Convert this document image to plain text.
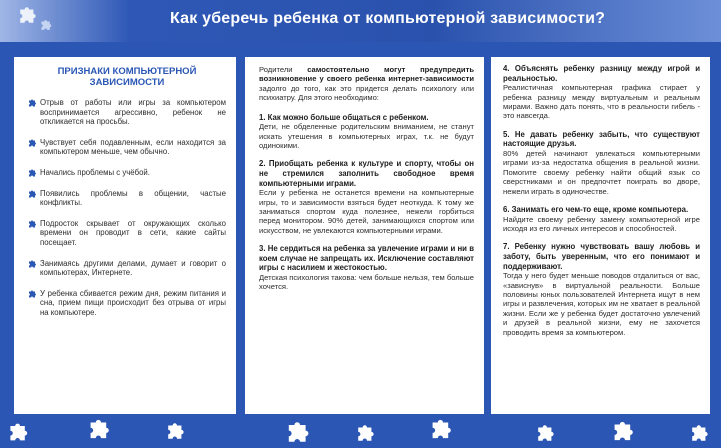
Как уберечь ребенка от компьютерной зависимости?
ПРИЗНАКИ КОМПЬЮТЕРНОЙ ЗАВИСИМОСТИ
Отрыв от работы или игры за компьютером воспринимается агрессивно, ребенок не откликается на просьбы.
Чувствует себя подавленным, если находится за компьютером меньше, чем обычно.
Начались проблемы с учёбой.
Появились проблемы в общении, частые конфликты.
Подросток скрывает от окружающих сколько времени он проводит в сети, какие сайты посещает.
Занимаясь другими делами, думает и говорит о компьютерах, Интернете.
У ребенка сбивается режим дня, режим питания и сна, прием пищи происходит без отрыва от игры на компьютере.

Родители самостоятельно могут предупредить возникновение у своего ребенка интернет-зависимости задолго до того, как это придется делать психологу или психиатру. Для этого необходимо:

1. Как можно больше общаться с ребенком.

Дети, не обделенные родительским вниманием, не станут искать утешения в компьютерных играх, т.к. не будут одинокими.

2. Приобщать ребенка к культуре и спорту, чтобы он не стремился заполнить свободное время компьютерными играми.

Если у ребенка не останется времени на компьютерные игры, то и зависимости взяться будет неоткуда. К тому же заниматься спортом куда полезнее, нежели горбиться перед монитором. 90% детей, занимающихся спортом или искусством, не увлекаются компьютерными играми.

3. Не сердиться на ребенка за увлечение играми и ни в коем случае не запрещать их. Исключение составляют игры с насилием и жестокостью.

Детская психология такова: чем больше нельзя, тем больше хочется.

4. Объяснять ребенку разницу между игрой и реальностью.

Реалистичная компьютерная графика стирает у ребенка разницу между виртуальным и реальным мирами. Важно дать понять, что в реальности гибель - это навсегда.

5. Не давать ребенку забыть, что существуют настоящие друзья.

80% детей начинают увлекаться компьютерными играми из-за недостатка общения в реальной жизни. Помогите своему ребенку найти общий язык со сверстниками и он предпочтет поиграть во дворе, нежели играть в одиночестве.

6. Занимать его чем-то еще, кроме компьютера.

Найдите своему ребенку замену компьютерной игре исходя из его личных интересов и способностей.

7. Ребенку нужно чувствовать вашу любовь и заботу, быть уверенным, что его понимают и поддерживают.

Тогда у него будет меньше поводов отдалиться от вас, «зависнув» в виртуальной реальности. Больше половины юных пользователей Интернета ищут в нем игры и развлечения, которых им не хватает в реальной жизни. Если же у ребенка будет достаточно увлечений и друзей в реальной жизни, ему не захочется проводить время за компьютером.
